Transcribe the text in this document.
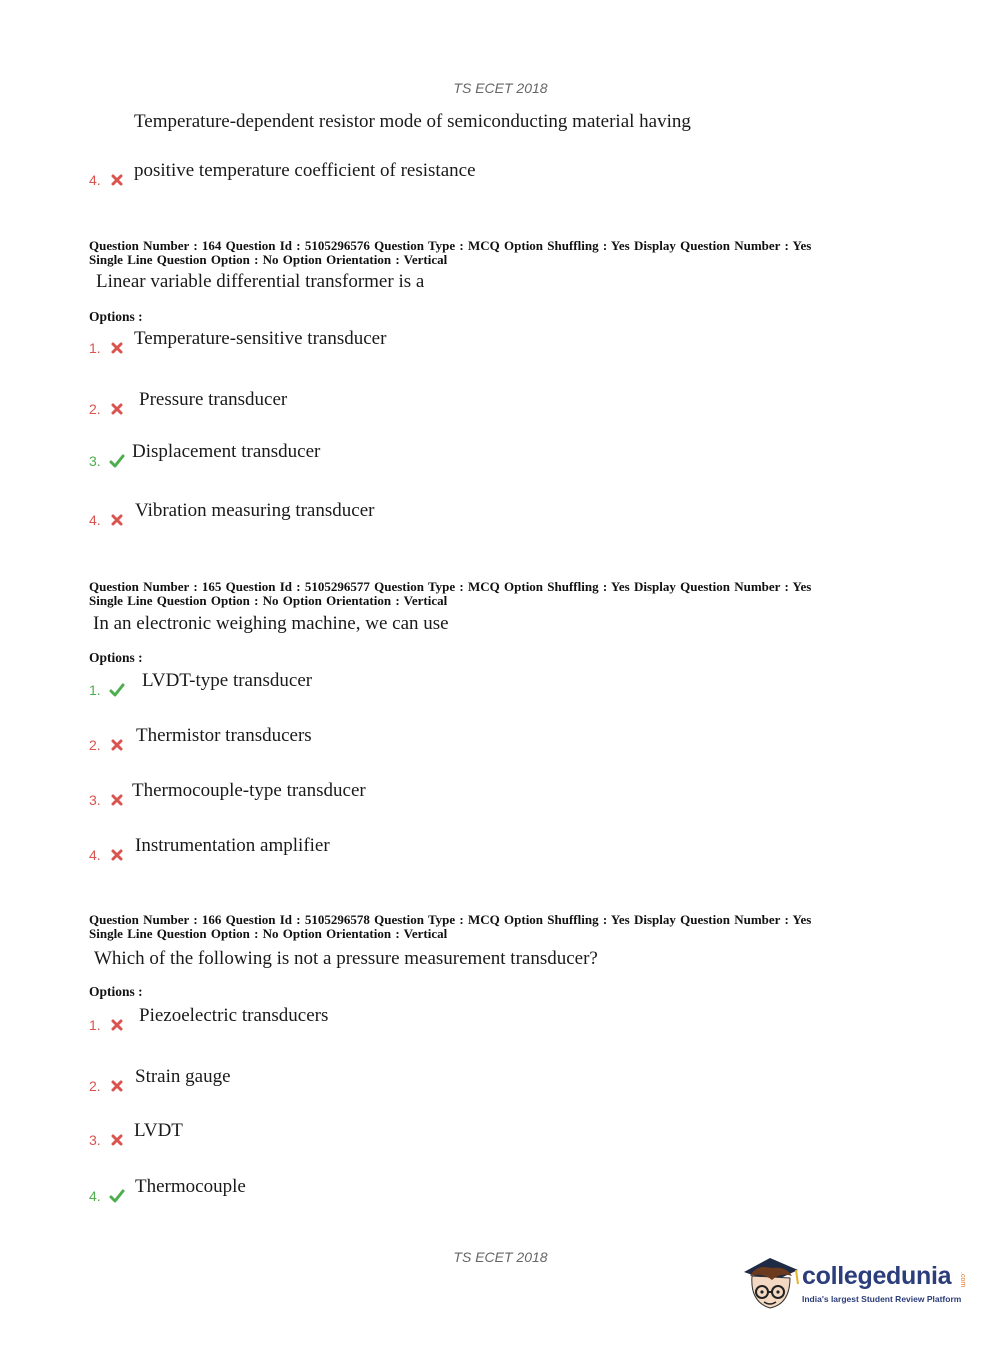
TS ECET 2018
Temperature-dependent resistor mode of semiconducting material having
4. positive temperature coefficient of resistance
Question Number : 164 Question Id : 5105296576 Question Type : MCQ Option Shuffling : Yes Display Question Number : Yes
Single Line Question Option : No Option Orientation : Vertical
Linear variable differential transformer is a
Options :
1. Temperature-sensitive transducer
2. Pressure transducer
3. Displacement transducer
4. Vibration measuring transducer
Question Number : 165 Question Id : 5105296577 Question Type : MCQ Option Shuffling : Yes Display Question Number : Yes
Single Line Question Option : No Option Orientation : Vertical
In an electronic weighing machine, we can use
Options :
1. LVDT-type transducer
2. Thermistor transducers
3. Thermocouple-type transducer
4. Instrumentation amplifier
Question Number : 166 Question Id : 5105296578 Question Type : MCQ Option Shuffling : Yes Display Question Number : Yes
Single Line Question Option : No Option Orientation : Vertical
Which of the following is not a pressure measurement transducer?
Options :
1. Piezoelectric transducers
2. Strain gauge
3. LVDT
4. Thermocouple
TS ECET 2018
collegedunia .com
India's largest Student Review Platform
